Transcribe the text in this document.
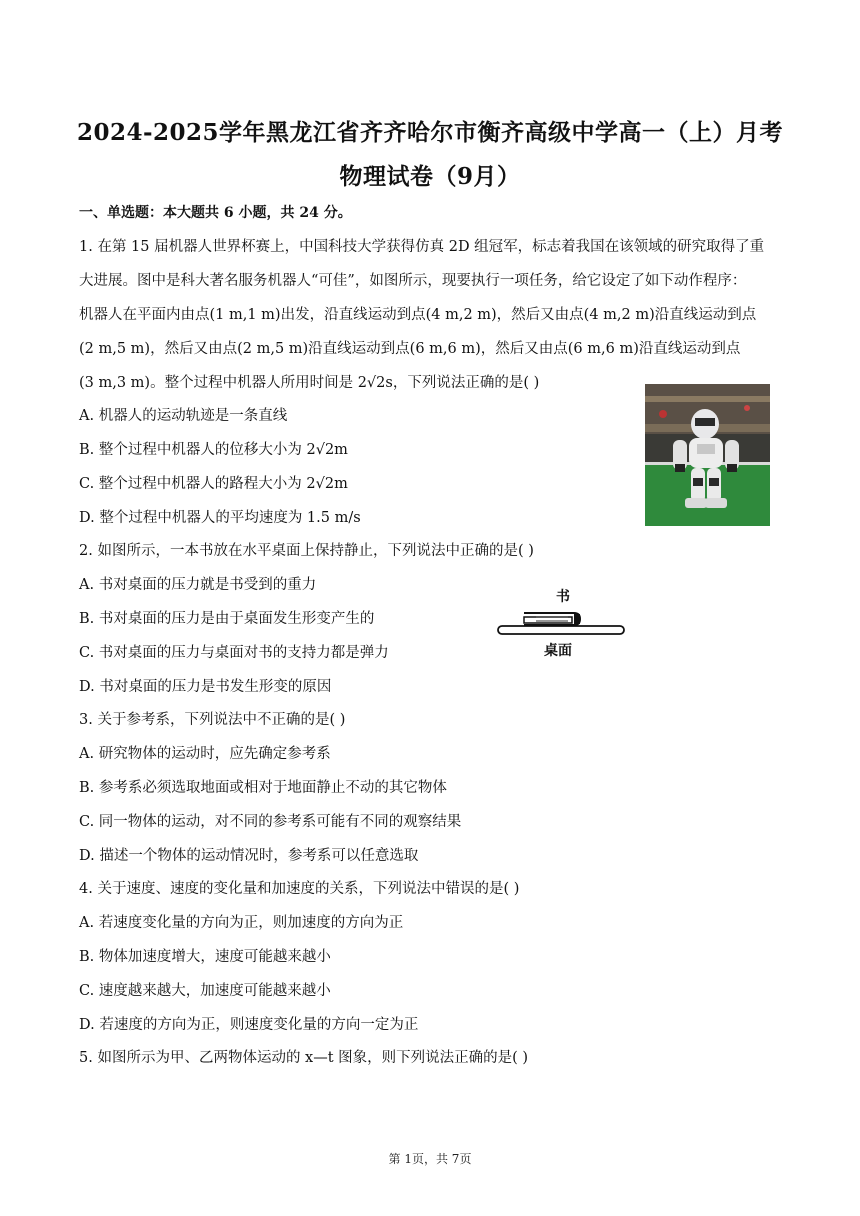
2024-2025学年黑龙江省齐齐哈尔市衡齐高级中学高一（上）月考
物理试卷（9月）
一、单选题：本大题共 6 小题，共 24 分。
1. 在第 15 届机器人世界杯赛上，中国科技大学获得仿真 2D 组冠军，标志着我国在该领域的研究取得了重
大进展。图中是科大著名服务机器人“可佳”，如图所示，现要执行一项任务，给它设定了如下动作程序：
机器人在平面内由点(1 m,1 m)出发，沿直线运动到点(4 m,2 m)，然后又由点(4 m,2 m)沿直线运动到点
(2 m,5 m)，然后又由点(2 m,5 m)沿直线运动到点(6 m,6 m)，然后又由点(6 m,6 m)沿直线运动到点
(3 m,3 m)。整个过程中机器人所用时间是 2√2s，下列说法正确的是( )
A. 机器人的运动轨迹是一条直线
B. 整个过程中机器人的位移大小为 2√2m
C. 整个过程中机器人的路程大小为 2√2m
D. 整个过程中机器人的平均速度为 1.5 m/s
2. 如图所示，一本书放在水平桌面上保持静止，下列说法中正确的是( )
A. 书对桌面的压力就是书受到的重力
B. 书对桌面的压力是由于桌面发生形变产生的
C. 书对桌面的压力与桌面对书的支持力都是弹力
D. 书对桌面的压力是书发生形变的原因
书
桌面
3. 关于参考系，下列说法中不正确的是( )
A. 研究物体的运动时，应先确定参考系
B. 参考系必须选取地面或相对于地面静止不动的其它物体
C. 同一物体的运动，对不同的参考系可能有不同的观察结果
D. 描述一个物体的运动情况时，参考系可以任意选取
4. 关于速度、速度的变化量和加速度的关系，下列说法中错误的是( )
A. 若速度变化量的方向为正，则加速度的方向为正
B. 物体加速度增大，速度可能越来越小
C. 速度越来越大，加速度可能越来越小
D. 若速度的方向为正，则速度变化量的方向一定为正
5. 如图所示为甲、乙两物体运动的 x—t 图象，则下列说法正确的是( )
第 1页，共 7页
